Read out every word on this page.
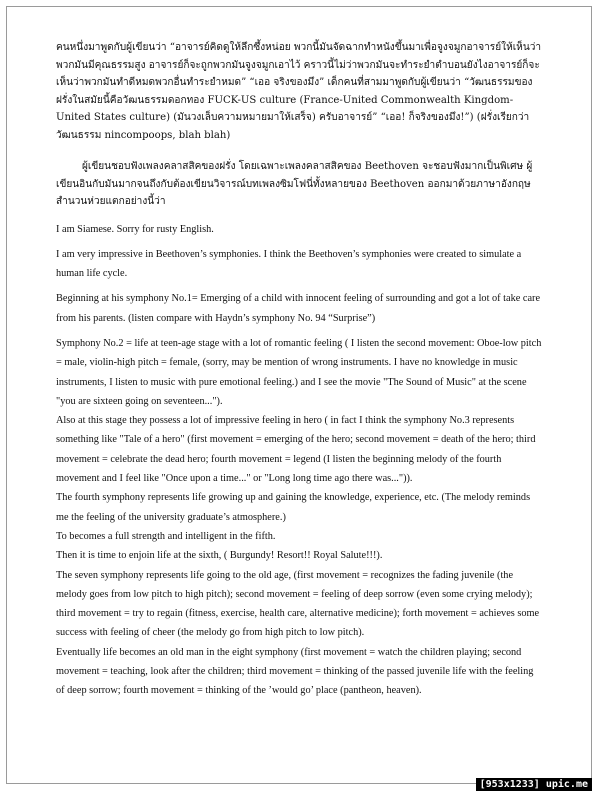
คนหนึ่งมาพูดกับผู้เขียนว่า “อาจารย์คิดดูให้ลึกซึ้งหน่อย พวกนี้มันจัดฉากทำหนังขึ้นมาเพื่อจูงจมูกอาจารย์ให้เห็นว่าพวกมันมีคุณธรรมสูง อาจารย์ก็จะถูกพวกมันจูงจมูกเอาไว้ คราวนี้ไม่ว่าพวกมันจะทำระยำตำบอนยังไงอาจารย์ก็จะเห็นว่าพวกมันทำดีหมดพวกอื่นทำระยำหมด” “เออ จริงของมึง” เด็กคนที่สามมาพูดกับผู้เขียนว่า “วัฒนธรรมของฝรั่งในสมัยนี้คือวัฒนธรรมดอกทอง FUCK-US culture (France-United Commonwealth Kingdom-United States culture) (มันวงเล็บความหมายมาให้เสร็จ) ครับอาจารย์” “เออ! ก็จริงของมึง!”) (ฝรั่งเรียกว่าวัฒนธรรม nincompoops, blah blah)

ผู้เขียนชอบฟังเพลงคลาสสิคของฝรั่ง โดยเฉพาะเพลงคลาสสิคของ Beethoven จะชอบฟังมากเป็นพิเศษ ผู้เขียนอินกับมันมากจนถึงกับต้องเขียนวิจารณ์บทเพลงซิมโฟนี่ทั้งหลายของ Beethoven ออกมาด้วยภาษาอังกฤษ สำนวนห่วยแตกอย่างนี้ว่า

I am Siamese. Sorry for rusty English.

I am very impressive in Beethoven’s symphonies. I think the Beethoven’s symphonies were created to simulate a human life cycle.

Beginning at his symphony No.1= Emerging of a child with innocent feeling of surrounding and got a lot of take care from his parents. (listen compare with Haydn’s symphony No. 94 “Surprise”)

Symphony No.2 = life at teen-age stage with a lot of romantic feeling ( I listen the second movement: Oboe-low pitch = male, violin-high pitch = female, (sorry, may be mention of wrong instruments. I have no knowledge in music instruments, I listen to music with pure emotional feeling.) and I see the movie "The Sound of Music" at the scene "you are sixteen going on seventeen...").

Also at this stage they possess a lot of impressive feeling in hero ( in fact I think the symphony No.3 represents something like "Tale of a hero" (first movement = emerging of the hero; second movement = death of the hero; third movement = celebrate the dead hero; fourth movement = legend (I listen the beginning melody of the fourth movement and I feel like "Once upon a time..." or "Long long time ago there was...")).

The fourth symphony represents life growing up and gaining the knowledge, experience, etc. (The melody reminds me the feeling of the university graduate’s atmosphere.)

To becomes a full strength and intelligent in the fifth.

Then it is time to enjoin life at the sixth, ( Burgundy! Resort!! Royal Salute!!!).

The seven symphony represents life going to the old age, (first movement = recognizes the fading juvenile (the melody goes from low pitch to high pitch); second movement = feeling of deep sorrow (even some crying melody); third movement = try to regain (fitness, exercise, health care, alternative medicine); forth movement = achieves some success with feeling of cheer (the melody go from high pitch to low pitch).

Eventually life becomes an old man in the eight symphony (first movement = watch the children playing; second movement = teaching, look after the children; third movement = thinking of the passed juvenile life with the feeling of deep sorrow; fourth movement = thinking of the ’would go’ place (pantheon, heaven).

[953x1233] upic.me
